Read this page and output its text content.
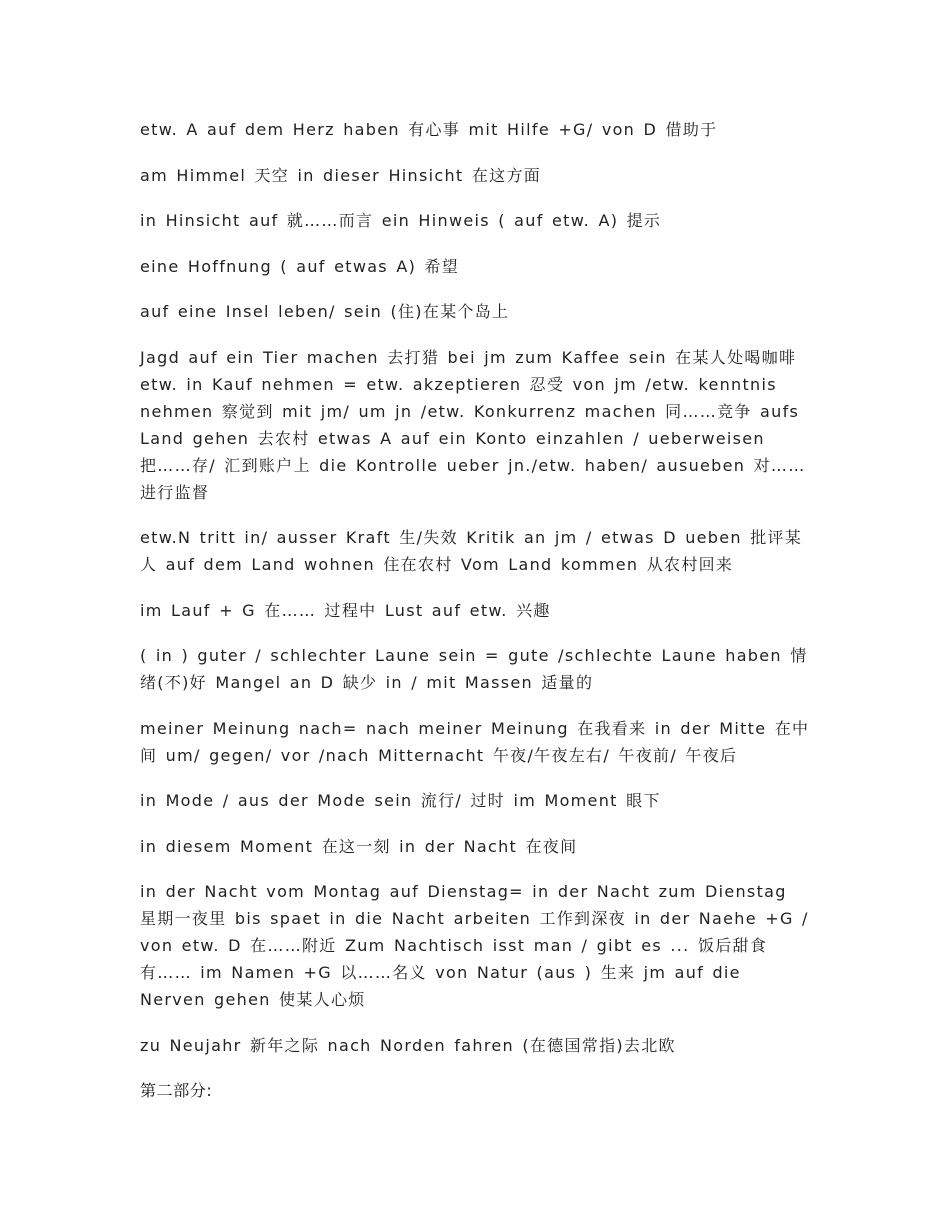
etw. A auf dem Herz haben 有心事 mit Hilfe +G/ von D 借助于

am Himmel 天空 in dieser Hinsicht 在这方面

in Hinsicht auf 就……而言 ein Hinweis ( auf etw. A) 提示

eine Hoffnung ( auf etwas A) 希望

auf eine Insel leben/ sein (住)在某个岛上

Jagd auf ein Tier machen 去打猎 bei jm zum Kaffee sein 在某人处喝咖啡 etw. in Kauf nehmen = etw. akzeptieren 忍受 von jm /etw. kenntnis nehmen 察觉到 mit jm/ um jn /etw. Konkurrenz machen 同……竞争 aufs Land gehen 去农村 etwas A auf ein Konto einzahlen / ueberweisen 把……存/ 汇到账户上 die Kontrolle ueber jn./etw. haben/ ausueben 对……进行监督

etw.N tritt in/ ausser Kraft 生/失效 Kritik an jm / etwas D ueben 批评某人 auf dem Land wohnen 住在农村 Vom Land kommen 从农村回来

im Lauf + G 在…… 过程中 Lust auf etw. 兴趣

( in ) guter / schlechter Laune sein = gute /schlechte Laune haben 情绪(不)好 Mangel an D 缺少 in / mit Massen 适量的

meiner Meinung nach= nach meiner Meinung 在我看来 in der Mitte 在中间 um/ gegen/ vor /nach Mitternacht 午夜/午夜左右/ 午夜前/ 午夜后

in Mode / aus der Mode sein 流行/ 过时 im Moment 眼下

in diesem Moment 在这一刻 in der Nacht 在夜间

in der Nacht vom Montag auf Dienstag= in der Nacht zum Dienstag 星期一夜里 bis spaet in die Nacht arbeiten 工作到深夜 in der Naehe +G / von etw. D 在……附近 Zum Nachtisch isst man / gibt es ... 饭后甜食有…… im Namen +G 以……名义 von Natur (aus ) 生来 jm auf die Nerven gehen 使某人心烦

zu Neujahr 新年之际 nach Norden fahren (在德国常指)去北欧

第二部分:
